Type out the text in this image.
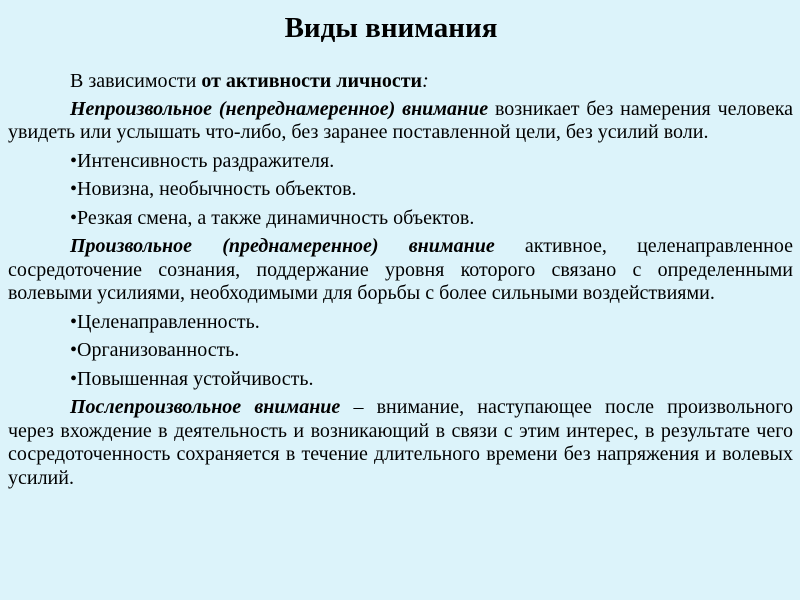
Виды внимания
В зависимости от активности личности:
Непроизвольное (непреднамеренное) внимание возникает без намерения человека увидеть или услышать что-либо, без заранее поставленной цели, без усилий воли.
•Интенсивность раздражителя.
•Новизна, необычность объектов.
•Резкая смена, а также динамичность объектов.
Произвольное (преднамеренное) внимание активное, целенаправленное сосредоточение сознания, поддержание уровня которого связано с определенными волевыми усилиями, необходимыми для борьбы с более сильными воздействиями.
•Целенаправленность.
•Организованность.
•Повышенная устойчивость.
Послепроизвольное внимание – внимание, наступающее после произвольного через вхождение в деятельность и возникающий в связи с этим интерес, в результате чего сосредоточенность сохраняется в течение длительного времени без напряжения и волевых усилий.
